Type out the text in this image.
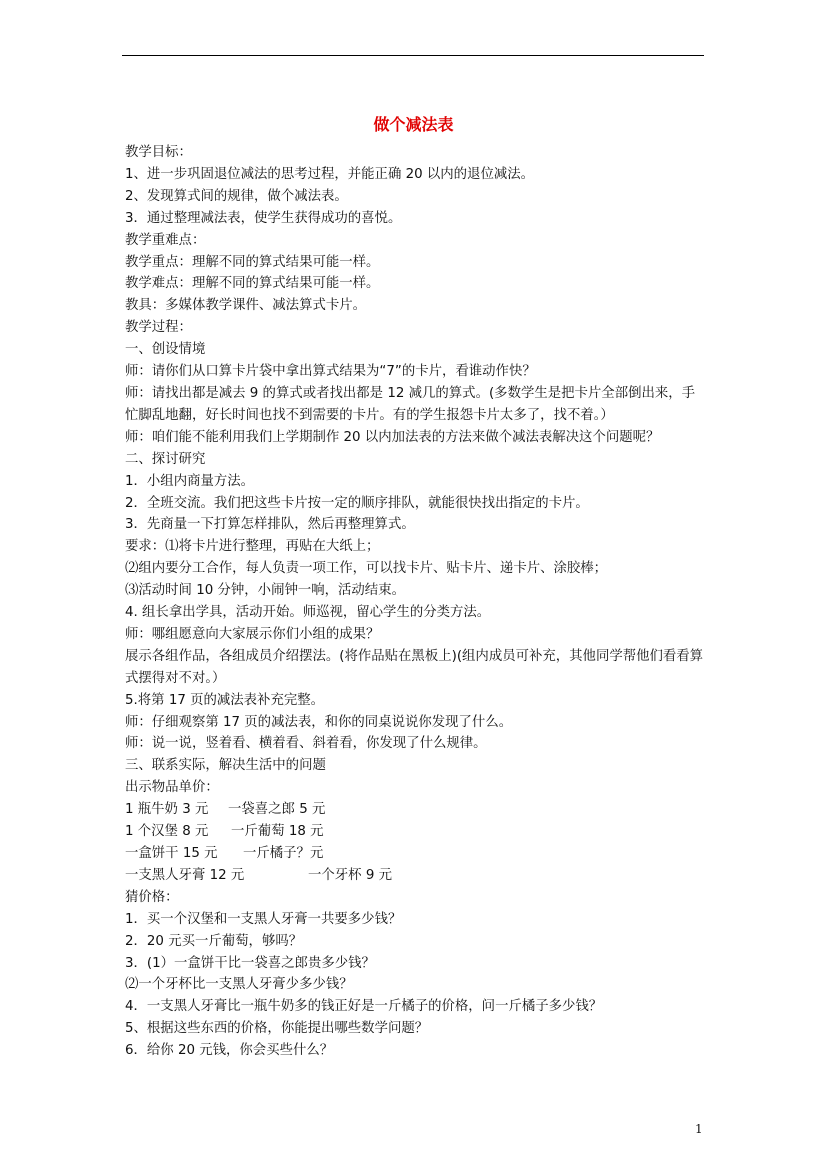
做个减法表
教学目标：
1、进一步巩固退位减法的思考过程，并能正确 20 以内的退位减法。
2、发现算式间的规律，做个减法表。
3．通过整理减法表，使学生获得成功的喜悦。
教学重难点：
教学重点：理解不同的算式结果可能一样。
教学难点：理解不同的算式结果可能一样。
教具：多媒体教学课件、减法算式卡片。
教学过程：
一、创设情境
师：请你们从口算卡片袋中拿出算式结果为“7”的卡片，看谁动作快？
师：请找出都是减去 9 的算式或者找出都是 12 减几的算式。(多数学生是把卡片全部倒出来，手忙脚乱地翻，好长时间也找不到需要的卡片。有的学生报怨卡片太多了，找不着。）
师：咱们能不能利用我们上学期制作 20 以内加法表的方法来做个减法表解决这个问题呢？
二、探讨研究
1．小组内商量方法。
2．全班交流。我们把这些卡片按一定的顺序排队，就能很快找出指定的卡片。
3．先商量一下打算怎样排队，然后再整理算式。
要求：⑴将卡片进行整理，再贴在大纸上；
⑵组内要分工合作，每人负责一项工作，可以找卡片、贴卡片、递卡片、涂胶棒；
⑶活动时间 10 分钟，小闹钟一响，活动结束。
4. 组长拿出学具，活动开始。师巡视，留心学生的分类方法。
师：哪组愿意向大家展示你们小组的成果？
展示各组作品，各组成员介绍摆法。(将作品贴在黑板上)(组内成员可补充，其他同学帮他们看看算式摆得对不对。）
5.将第 17 页的减法表补充完整。
师：仔细观察第 17 页的减法表，和你的同桌说说你发现了什么。
师：说一说，竖着看、横着看、斜着看，你发现了什么规律。
三、联系实际，解决生活中的问题
出示物品单价：
1 瓶牛奶 3 元 一袋喜之郎 5 元
1 个汉堡 8 元 一斤葡萄 18 元
一盒饼干 15 元 一斤橘子？元
一支黑人牙膏 12 元	一个牙杯 9 元
猜价格：
1．买一个汉堡和一支黑人牙膏一共要多少钱？
2．20 元买一斤葡萄，够吗？
3．(1）一盒饼干比一袋喜之郎贵多少钱？
⑵一个牙杯比一支黑人牙膏少多少钱？
4．一支黑人牙膏比一瓶牛奶多的钱正好是一斤橘子的价格，问一斤橘子多少钱？
5、根据这些东西的价格，你能提出哪些数学问题？
6．给你 20 元钱，你会买些什么？
1
